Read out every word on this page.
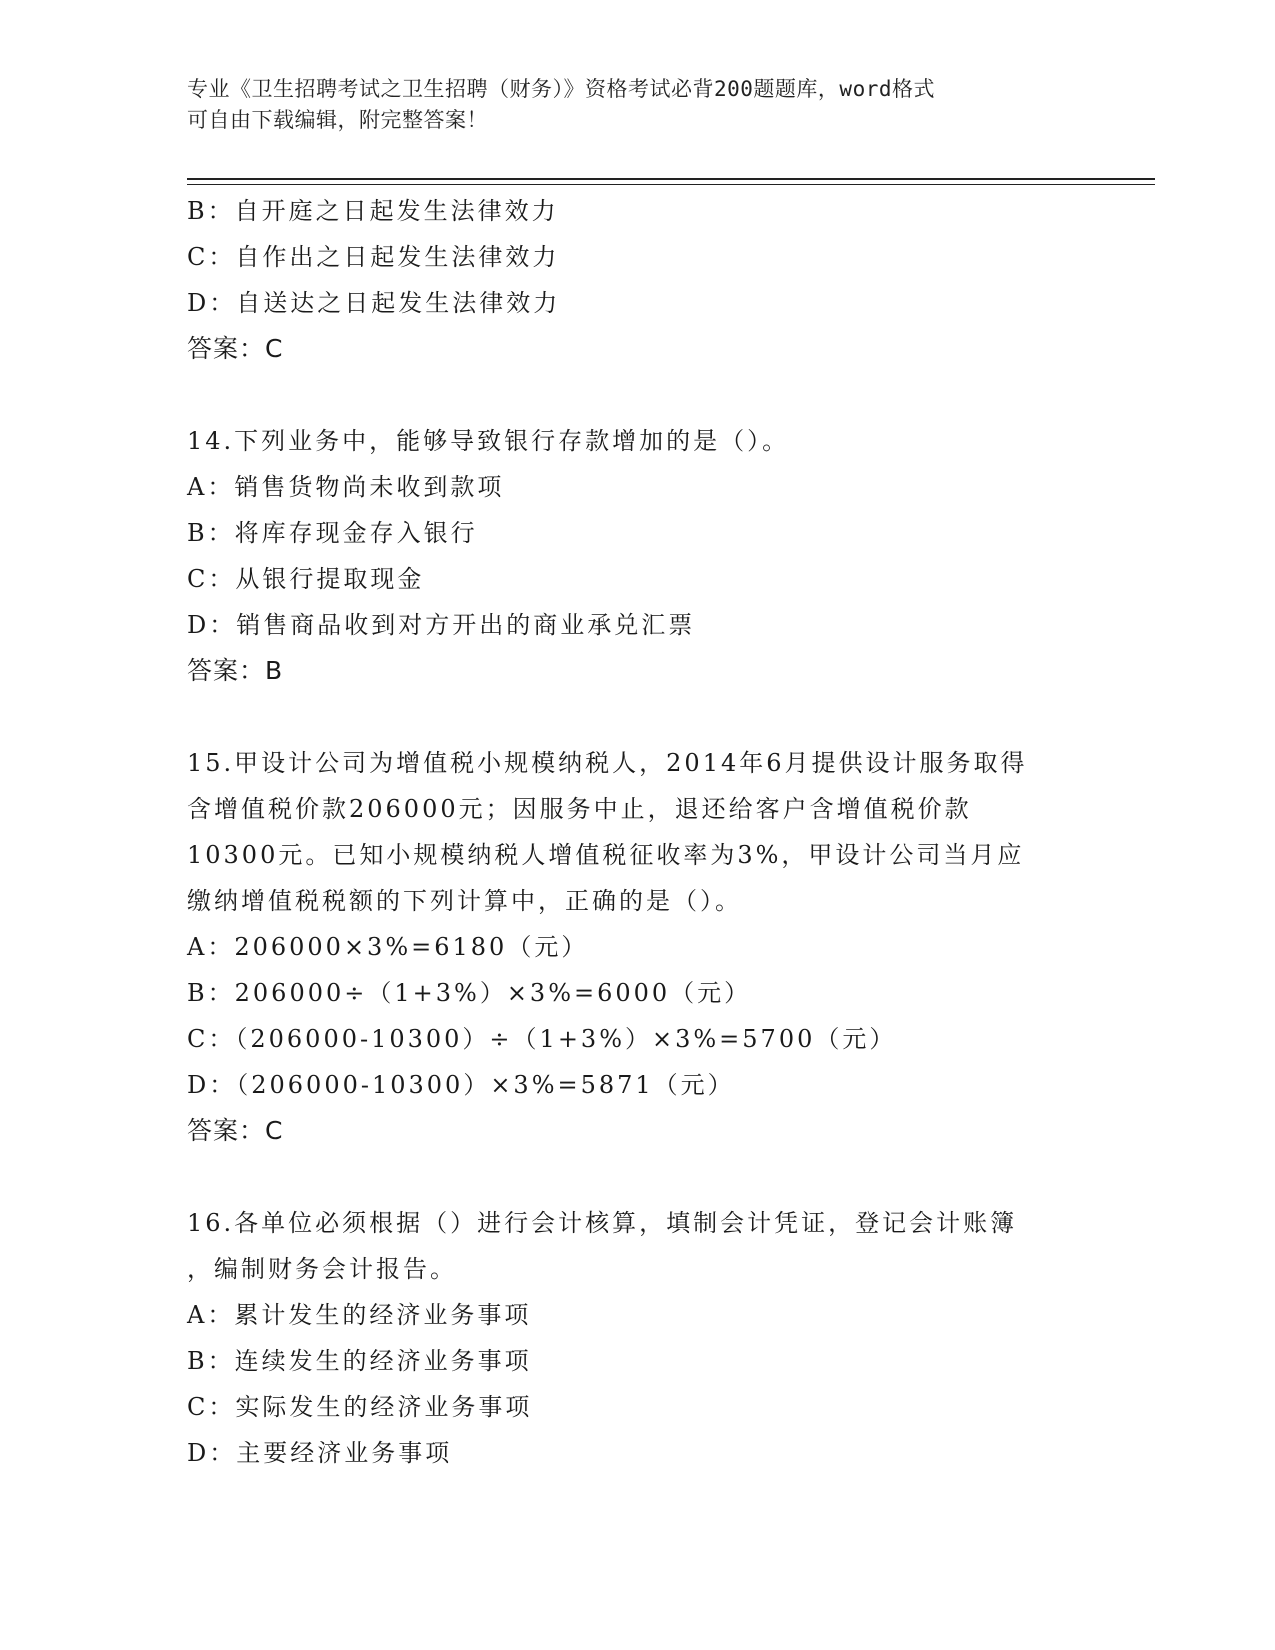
专业《卫生招聘考试之卫生招聘（财务）》资格考试必背200题题库，word格式
可自由下载编辑，附完整答案！
B：自开庭之日起发生法律效力
C：自作出之日起发生法律效力
D：自送达之日起发生法律效力
答案：C
14.下列业务中，能够导致银行存款增加的是（）。
A：销售货物尚未收到款项
B：将库存现金存入银行
C：从银行提取现金
D：销售商品收到对方开出的商业承兑汇票
答案：B
15.甲设计公司为增值税小规模纳税人，2014年6月提供设计服务取得
含增值税价款206000元；因服务中止，退还给客户含增值税价款
10300元。已知小规模纳税人增值税征收率为3%，甲设计公司当月应
缴纳增值税税额的下列计算中，正确的是（）。
A：206000×3%=6180（元）
B：206000÷（1+3%）×3%=6000（元）
C：（206000-10300）÷（1+3%）×3%=5700（元）
D：（206000-10300）×3%=5871（元）
答案：C
16.各单位必须根据（）进行会计核算，填制会计凭证，登记会计账簿
，编制财务会计报告。
A：累计发生的经济业务事项
B：连续发生的经济业务事项
C：实际发生的经济业务事项
D：主要经济业务事项
